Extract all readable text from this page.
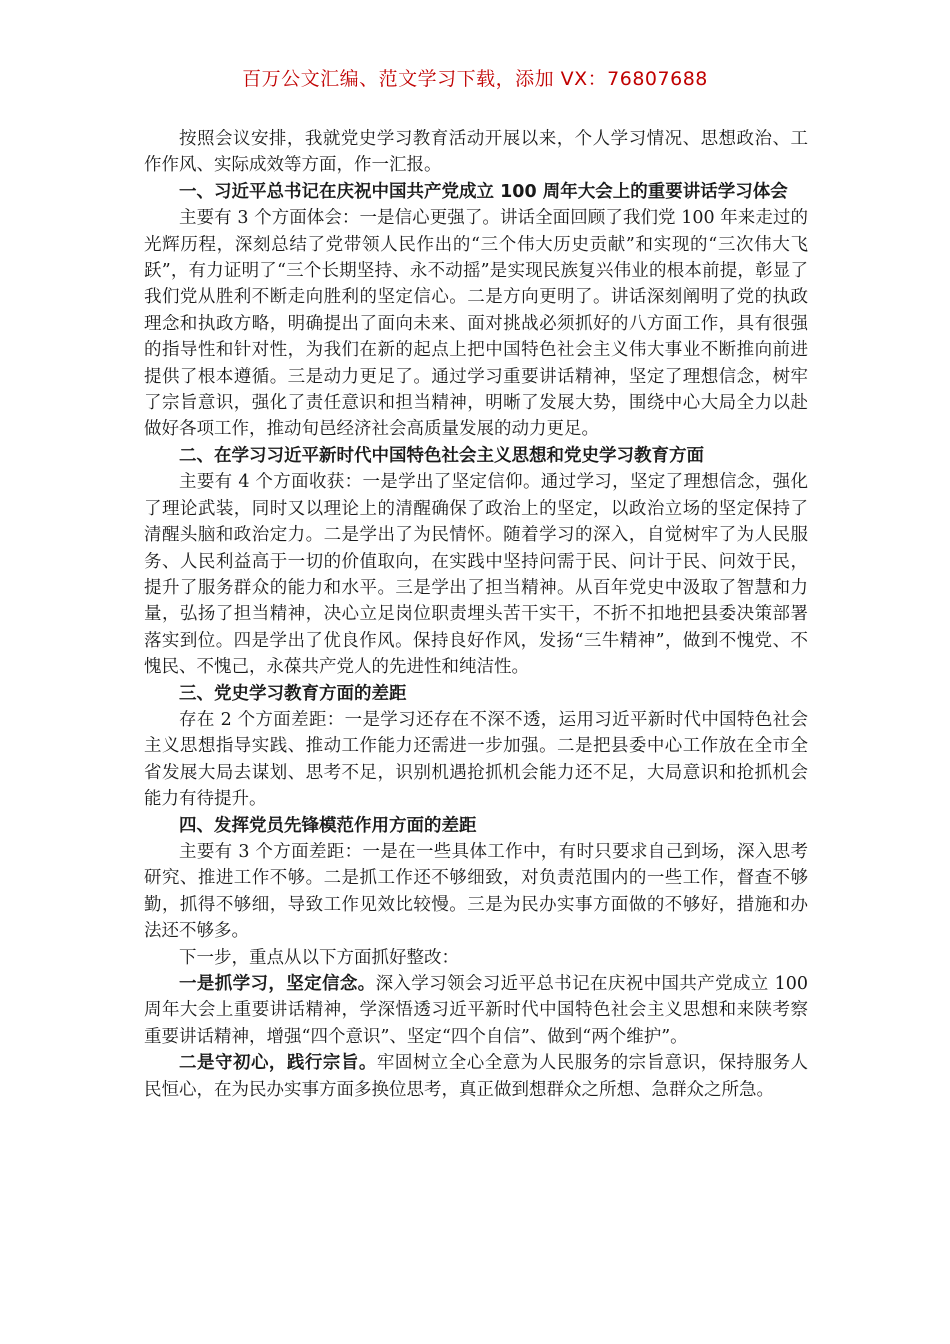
百万公文汇编、范文学习下载，添加 VX：76807688

按照会议安排，我就党史学习教育活动开展以来，个人学习情况、思想政治、工作作风、实际成效等方面，作一汇报。

一、习近平总书记在庆祝中国共产党成立 100 周年大会上的重要讲话学习体会

主要有 3 个方面体会：一是信心更强了。讲话全面回顾了我们党 100 年来走过的光辉历程，深刻总结了党带领人民作出的“三个伟大历史贡献”和实现的“三次伟大飞跃”，有力证明了“三个长期坚持、永不动摇”是实现民族复兴伟业的根本前提，彰显了我们党从胜利不断走向胜利的坚定信心。二是方向更明了。讲话深刻阐明了党的执政理念和执政方略，明确提出了面向未来、面对挑战必须抓好的八方面工作，具有很强的指导性和针对性，为我们在新的起点上把中国特色社会主义伟大事业不断推向前进提供了根本遵循。三是动力更足了。通过学习重要讲话精神，坚定了理想信念，树牢了宗旨意识，强化了责任意识和担当精神，明晰了发展大势，围绕中心大局全力以赴做好各项工作，推动旬邑经济社会高质量发展的动力更足。

二、在学习习近平新时代中国特色社会主义思想和党史学习教育方面

主要有 4 个方面收获：一是学出了坚定信仰。通过学习，坚定了理想信念，强化了理论武装，同时又以理论上的清醒确保了政治上的坚定，以政治立场的坚定保持了清醒头脑和政治定力。二是学出了为民情怀。随着学习的深入，自觉树牢了为人民服务、人民利益高于一切的价值取向，在实践中坚持问需于民、问计于民、问效于民，提升了服务群众的能力和水平。三是学出了担当精神。从百年党史中汲取了智慧和力量，弘扬了担当精神，决心立足岗位职责埋头苦干实干，不折不扣地把县委决策部署落实到位。四是学出了优良作风。保持良好作风，发扬“三牛精神”，做到不愧党、不愧民、不愧己，永葆共产党人的先进性和纯洁性。

三、党史学习教育方面的差距

存在 2 个方面差距：一是学习还存在不深不透，运用习近平新时代中国特色社会主义思想指导实践、推动工作能力还需进一步加强。二是把县委中心工作放在全市全省发展大局去谋划、思考不足，识别机遇抢抓机会能力还不足，大局意识和抢抓机会能力有待提升。

四、发挥党员先锋模范作用方面的差距

主要有 3 个方面差距：一是在一些具体工作中，有时只要求自己到场，深入思考研究、推进工作不够。二是抓工作还不够细致，对负责范围内的一些工作，督查不够勤，抓得不够细，导致工作见效比较慢。三是为民办实事方面做的不够好，措施和办法还不够多。

下一步，重点从以下方面抓好整改：

一是抓学习，坚定信念。深入学习领会习近平总书记在庆祝中国共产党成立 100 周年大会上重要讲话精神，学深悟透习近平新时代中国特色社会主义思想和来陕考察重要讲话精神，增强“四个意识”、坚定“四个自信”、做到“两个维护”。

二是守初心，践行宗旨。牢固树立全心全意为人民服务的宗旨意识，保持服务人民恒心，在为民办实事方面多换位思考，真正做到想群众之所想、急群众之所急。
